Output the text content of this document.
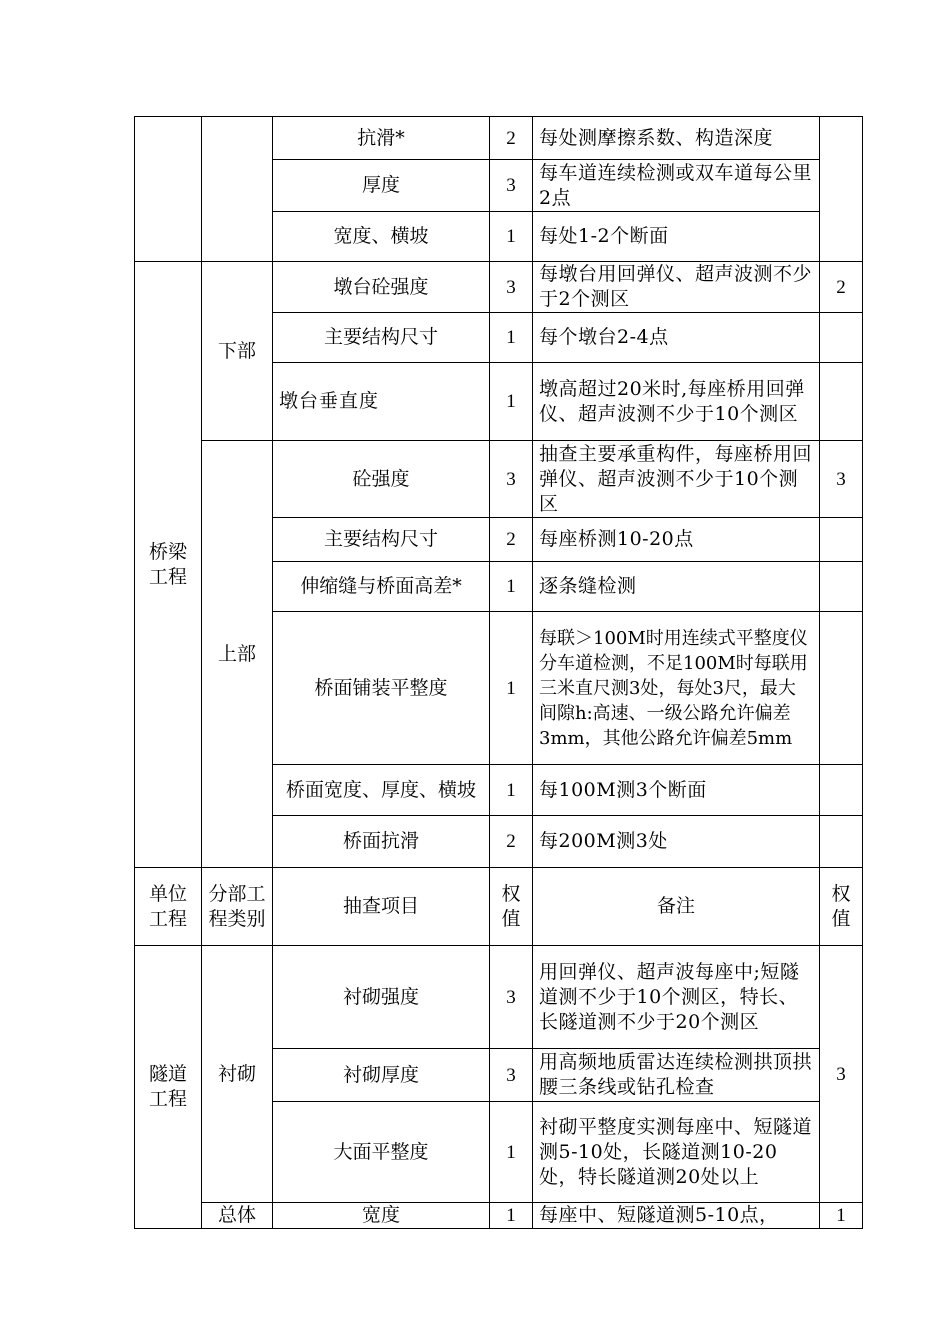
		抗滑*	2	每处测摩擦系数、构造深度	
		厚度	3	每车道连续检测或双车道每公里2点	
		宽度、横坡	1	每处1-2个断面	
桥梁工程	下部	墩台砼强度	3	每墩台用回弹仪、超声波测不少于2个测区	2
		主要结构尺寸	1	每个墩台2-4点	
		墩台垂直度	1	墩高超过20米时,每座桥用回弹仪、超声波测不少于10个测区	
	上部	砼强度	3	抽查主要承重构件，每座桥用回弹仪、超声波测不少于10个测区	3
		主要结构尺寸	2	每座桥测10-20点	
		伸缩缝与桥面高差*	1	逐条缝检测	
		桥面铺装平整度	1	每联＞100M时用连续式平整度仪分车道检测，不足100M时每联用三米直尺测3处，每处3尺，最大间隙h:高速、一级公路允许偏差3mm，其他公路允许偏差5mm	
		桥面宽度、厚度、横坡	1	每100M测3个断面	
		桥面抗滑	2	每200M测3处	
单位工程	分部工程类别	抽查项目	权值	备注	权值
隧道工程	衬砌	衬砌强度	3	用回弹仪、超声波每座中;短隧道测不少于10个测区，特长、长隧道测不少于20个测区	3
		衬砌厚度	3	用高频地质雷达连续检测拱顶拱腰三条线或钻孔检查	
		大面平整度	1	衬砌平整度实测每座中、短隧道测5-10处，长隧道测10-20处，特长隧道测20处以上	
	总体	宽度	1	每座中、短隧道测5-10点，	1
